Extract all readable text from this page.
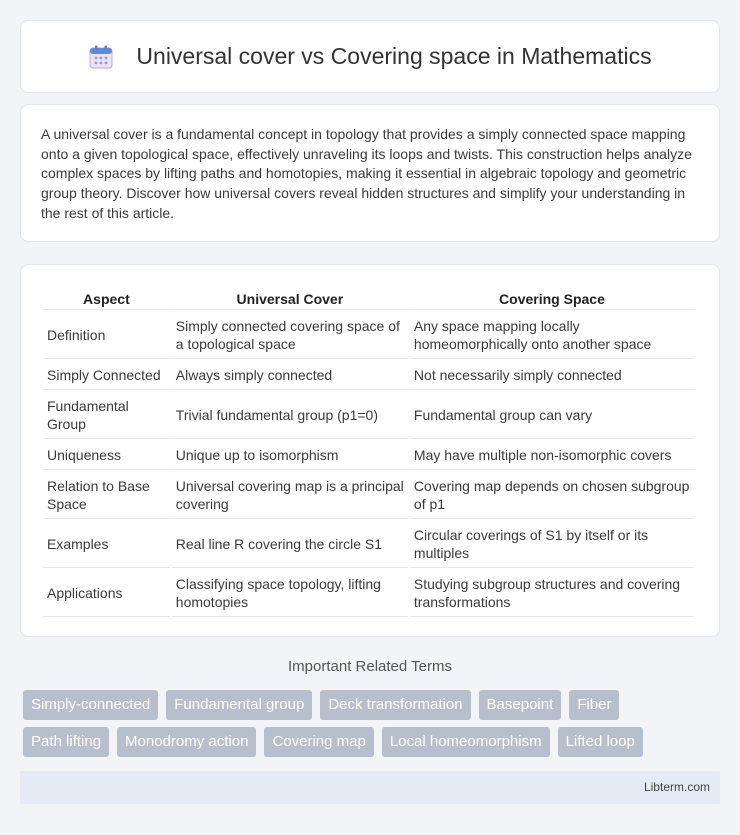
Universal cover vs Covering space in Mathematics

A universal cover is a fundamental concept in topology that provides a simply connected space mapping onto a given topological space, effectively unraveling its loops and twists. This construction helps analyze complex spaces by lifting paths and homotopies, making it essential in algebraic topology and geometric group theory. Discover how universal covers reveal hidden structures and simplify your understanding in the rest of this article.

Aspect	Universal Cover	Covering Space
Definition	Simply connected covering space of a topological space	Any space mapping locally homeomorphically onto another space
Simply Connected	Always simply connected	Not necessarily simply connected
Fundamental Group	Trivial fundamental group (p1=0)	Fundamental group can vary
Uniqueness	Unique up to isomorphism	May have multiple non-isomorphic covers
Relation to Base Space	Universal covering map is a principal covering	Covering map depends on chosen subgroup of p1
Examples	Real line R covering the circle S1	Circular coverings of S1 by itself or its multiples
Applications	Classifying space topology, lifting homotopies	Studying subgroup structures and covering transformations
Important Related Terms
Simply-connected	Fundamental group	Deck transformation	Basepoint	Fiber
Path lifting	Monodromy action	Covering map	Local homeomorphism	Lifted loop
Libterm.com
